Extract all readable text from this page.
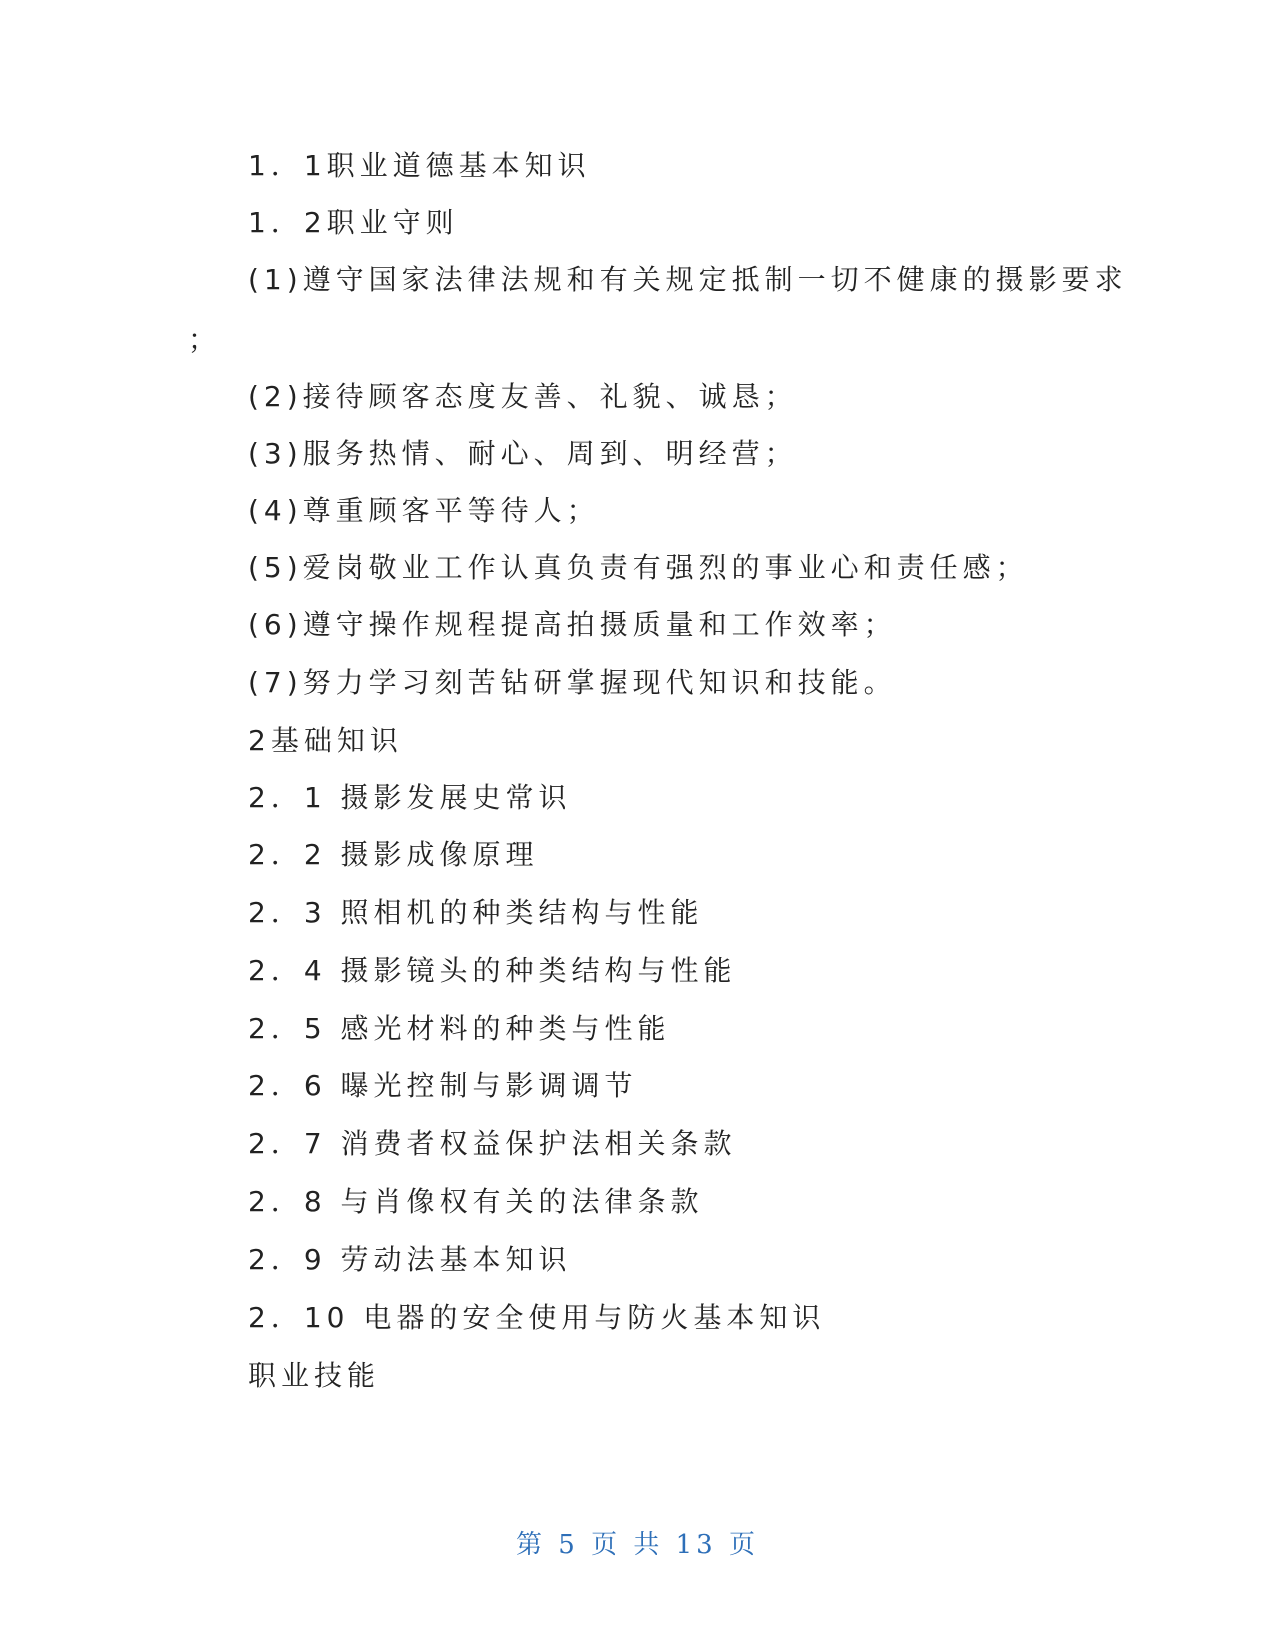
1．1职业道德基本知识
1．2职业守则
(1)遵守国家法律法规和有关规定抵制一切不健康的摄影要求
；
(2)接待顾客态度友善、礼貌、诚恳；
(3)服务热情、耐心、周到、明经营；
(4)尊重顾客平等待人；
(5)爱岗敬业工作认真负责有强烈的事业心和责任感；
(6)遵守操作规程提高拍摄质量和工作效率；
(7)努力学习刻苦钻研掌握现代知识和技能。
2基础知识
2．1 摄影发展史常识
2．2 摄影成像原理
2．3 照相机的种类结构与性能
2．4 摄影镜头的种类结构与性能
2．5 感光材料的种类与性能
2．6 曝光控制与影调调节
2．7 消费者权益保护法相关条款
2．8 与肖像权有关的法律条款
2．9 劳动法基本知识
2．10 电器的安全使用与防火基本知识
职业技能
第 5 页 共 13 页
